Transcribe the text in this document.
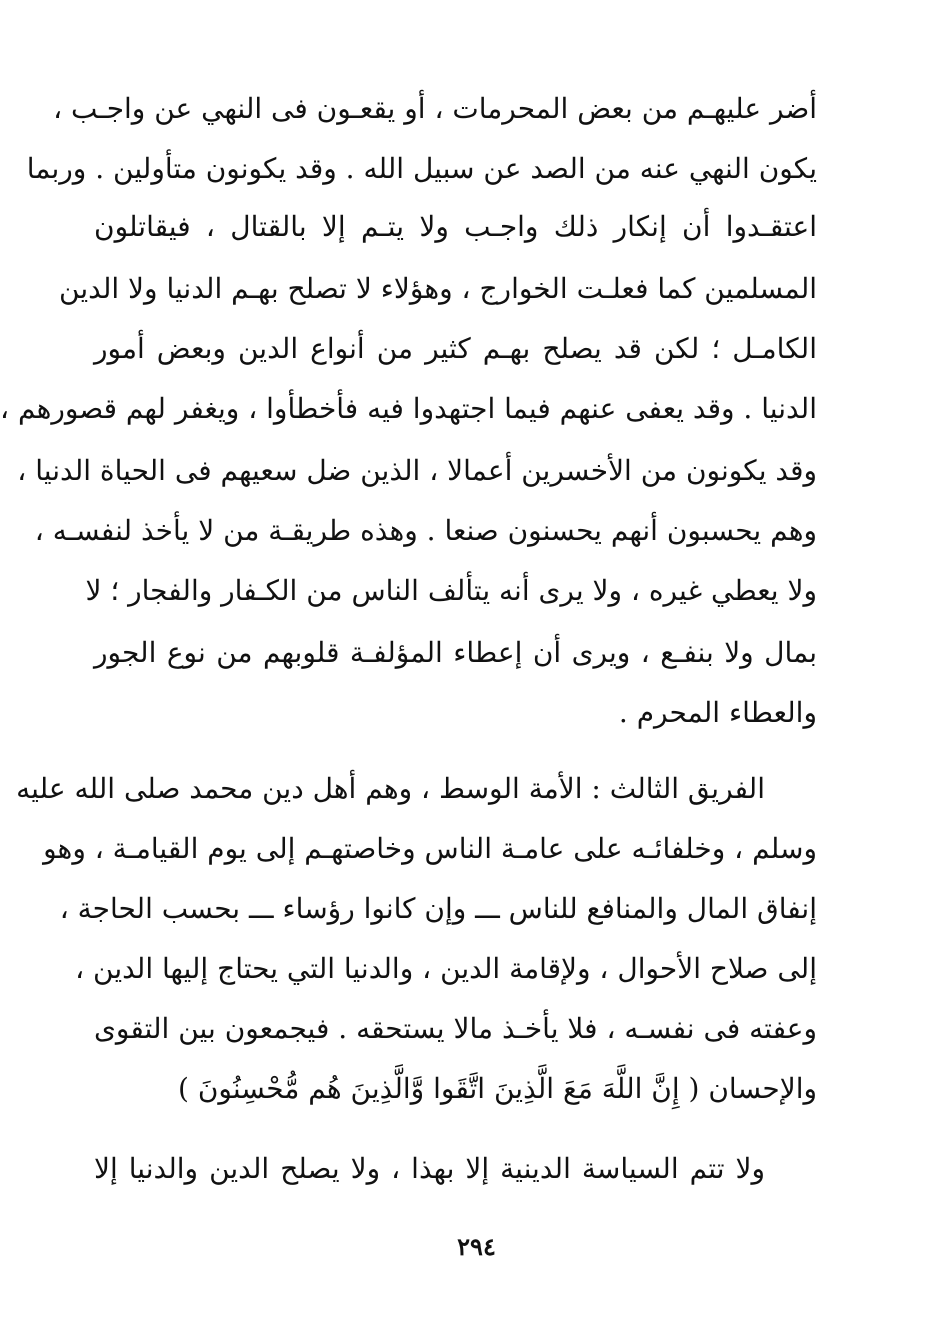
أضر عليهـم من بعض المحرمات ، أو يقعـون فى النهي عن واجـب ،
يكون النهي عنه من الصد عن سبيل الله . وقد يكونون متأولين . وربما
اعتقـدوا أن إنكار ذلك واجـب ولا يتـم إلا بالقتال ، فيقاتلون
المسلمين كما فعلـت الخوارج ، وهؤلاء لا تصلح بهـم الدنيا ولا الدين
الكامـل ؛ لكن قد يصلح بهـم كثير من أنواع الدين وبعض أمور
الدنيا . وقد يعفى عنهم فيما اجتهدوا فيه فأخطأوا ، ويغفر لهم قصورهم ،
وقد يكونون من الأخسرين أعمالا ، الذين ضل سعيهم فى الحياة الدنيا ،
وهم يحسبون أنهم يحسنون صنعا . وهذه طريقـة من لا يأخذ لنفسـه ،
ولا يعطي غيره ، ولا يرى أنه يتألف الناس من الكـفار والفجار ؛ لا
بمال ولا بنفـع ، ويرى أن إعطاء المؤلفـة قلوبهم من نوع الجور
والعطاء المحرم .
الفريق الثالث : الأمة الوسط ، وهم أهل دين محمد صلى الله عليه
وسلم ، وخلفائـه على عامـة الناس وخاصتهـم إلى يوم القيامـة ، وهو
إنفاق المال والمنافع للناس ـــ وإن كانوا رؤساء ـــ بحسب الحاجة ،
إلى صلاح الأحوال ، ولإقامة الدين ، والدنيا التي يحتاج إليها الدين ،
وعفته فى نفسـه ، فلا يأخـذ مالا يستحقه . فيجمعون بين التقوى
والإحسان ( إِنَّ اللَّهَ مَعَ الَّذِينَ اتَّقَوا وَّالَّذِينَ هُم مُّحْسِنُونَ )
ولا تتم السياسة الدينية إلا بهذا ، ولا يصلح الدين والدنيا إلا
٢٩٤
